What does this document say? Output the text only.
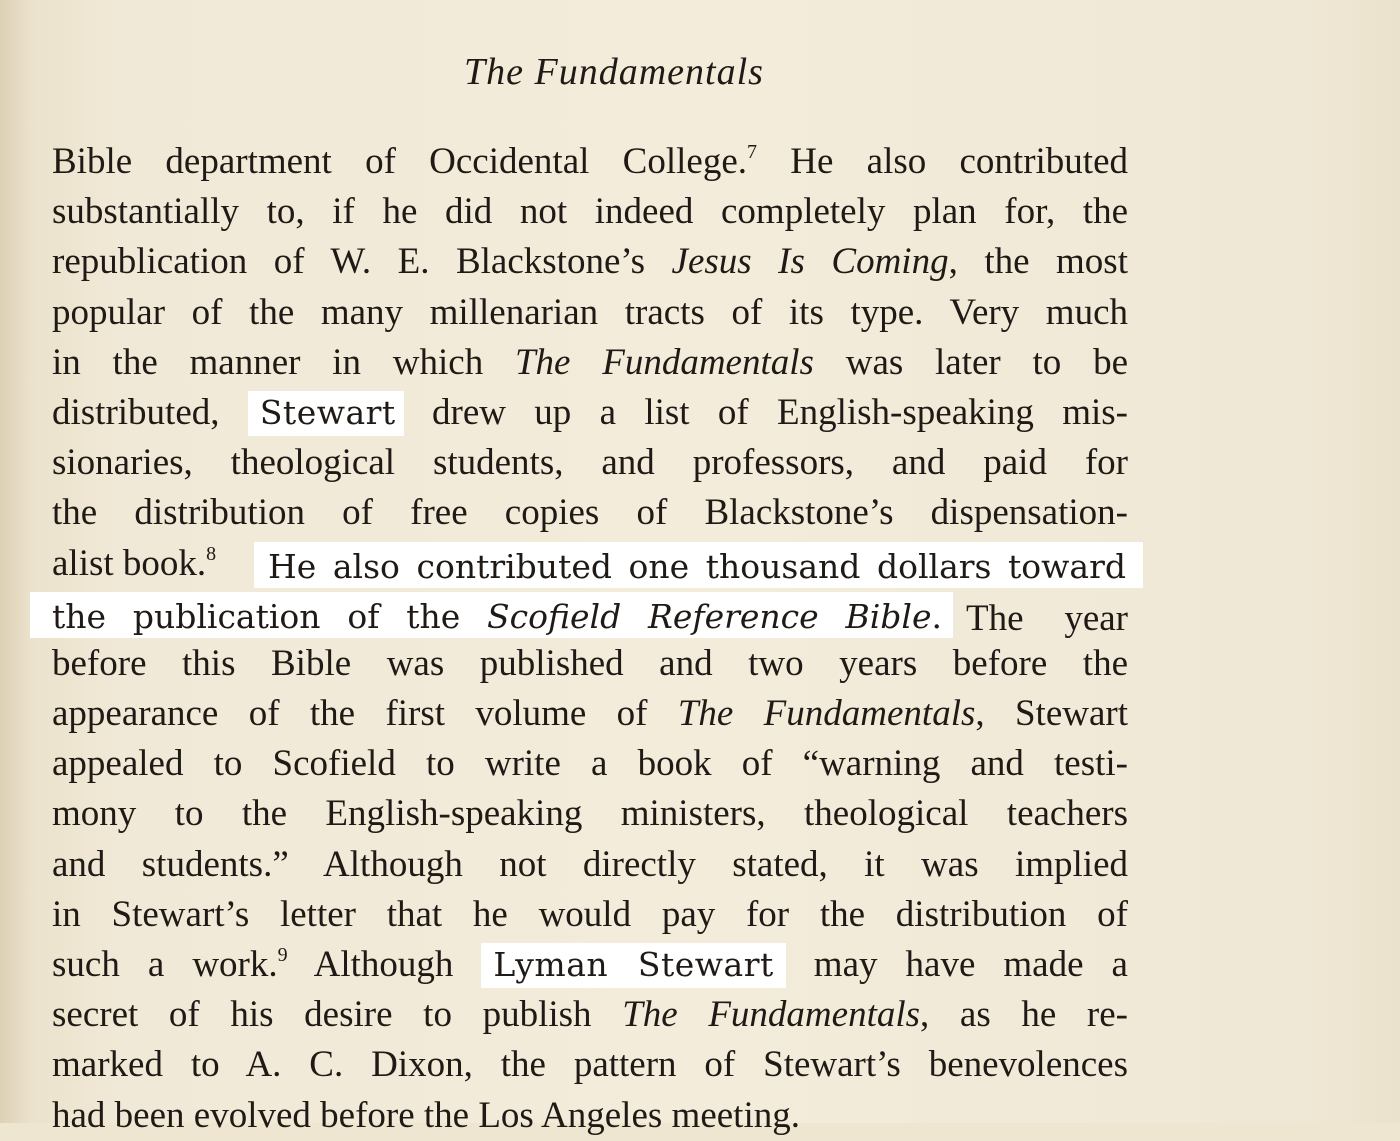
The Fundamentals
Bible department of Occidental College.$^7$ He also contributed
substantially to, if he did not indeed completely plan for, the
republication of W. E. Blackstone’s Jesus Is Coming, the most
popular of the many millenarian tracts of its type. Very much
in the manner in which The Fundamentals was later to be
distributed, Stewart drew up a list of English-speaking mis-
sionaries, theological students, and professors, and paid for
the distribution of free copies of Blackstone’s dispensation-
alist book.$^8$
before this Bible was published and two years before the
appearance of the first volume of The Fundamentals, Stewart
appealed to Scofield to write a book of “warning and testi-
mony to the English-speaking ministers, theological teachers
and students.” Although not directly stated, it was implied
in Stewart’s letter that he would pay for the distribution of
such a work.$^9$ Although Lyman Stewart may have made a
secret of his desire to publish The Fundamentals, as he re-
marked to A. C. Dixon, the pattern of Stewart’s benevolences
had been evolved before the Los Angeles meeting.
He also contributed one thousand dollars toward
the publication of the Scofield Reference Bible. The year
